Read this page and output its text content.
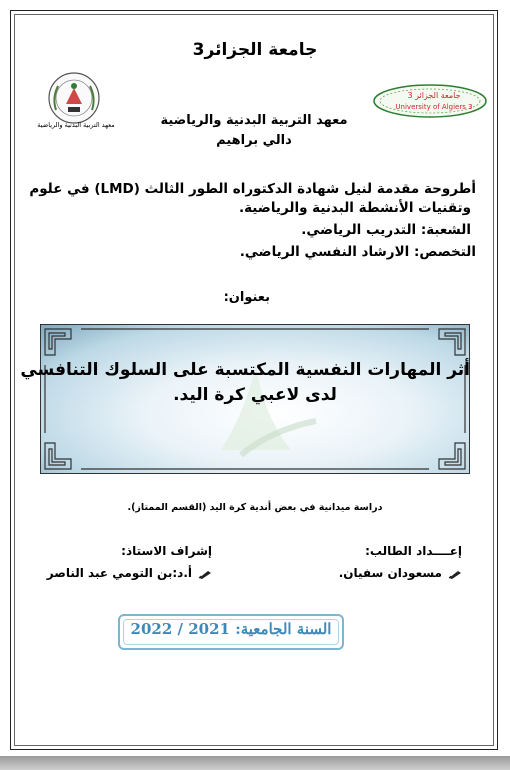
جامعة الجزائر3
معهد التربية البدنية والرياضية
جامعة الجزائر 3
University of Algiers 3
معهد التربية البدنية والرياضية
دالي براهيم
أطروحة مقدمة لنيل شهادة الدكتوراه الطور الثالث (LMD) في علوم
وتقنيات الأنشطة البدنية والرياضية.
الشعبة: التدريب الرياضي.
التخصص: الارشاد النفسي الرياضي.
بعنوان:
أثر المهارات النفسية المكتسبة على السلوك التنافسي
لدى لاعبي كرة اليد.
دراسة ميدانية في بعض أندية كرة اليد (القسم الممتاز).
إعــــداد الطالب:
مسعودان سفيان.
إشراف الاستاذ:
أ.د:بن التومي عبد الناصر
السنة الجامعية: 2021 / 2022
